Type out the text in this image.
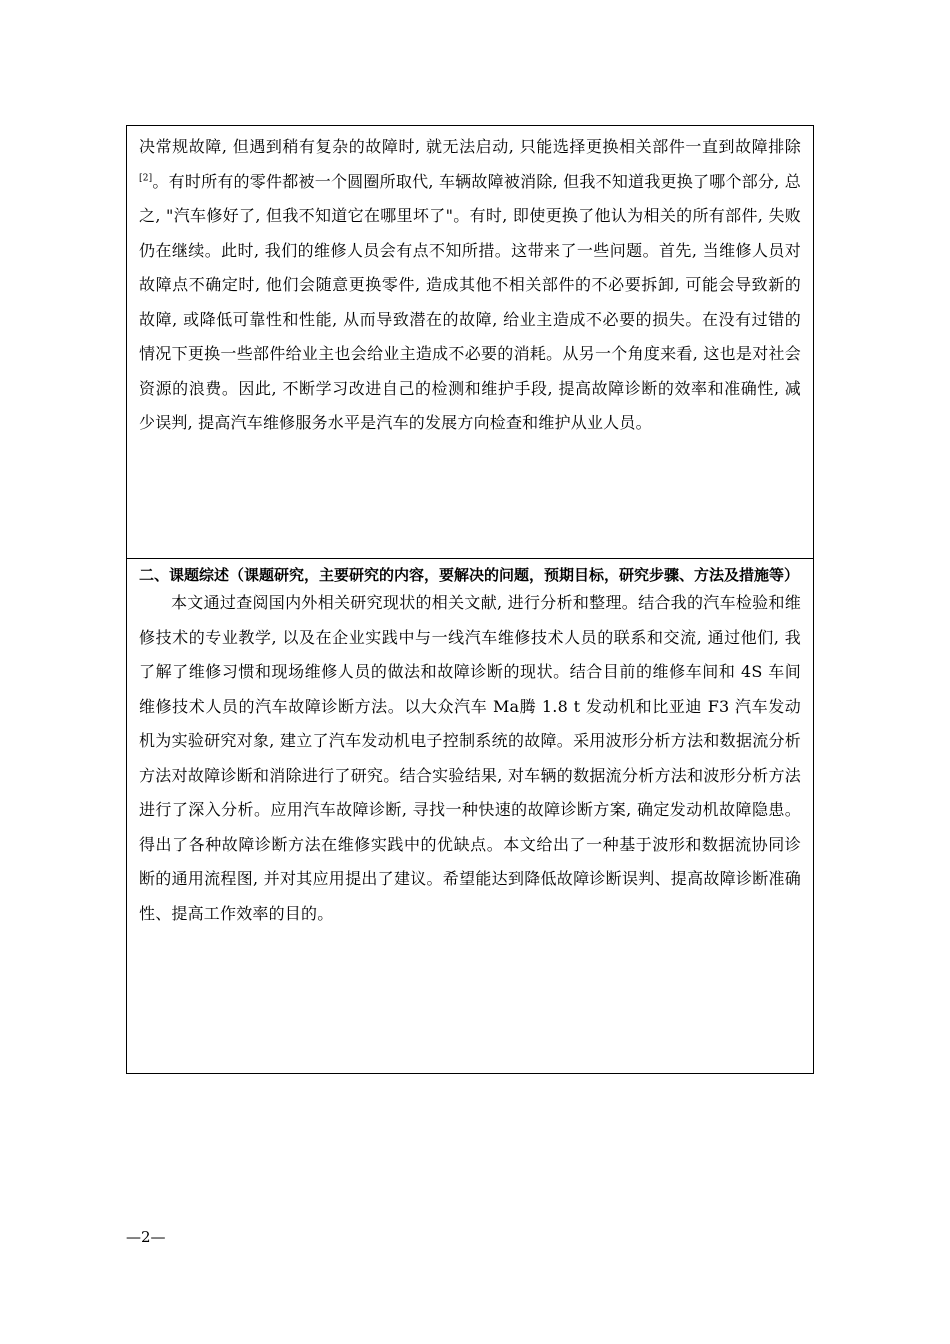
决常规故障, 但遇到稍有复杂的故障时, 就无法启动, 只能选择更换相关部件一直到故障排除[2]。有时所有的零件都被一个圆圈所取代, 车辆故障被消除, 但我不知道我更换了哪个部分, 总之, "汽车修好了, 但我不知道它在哪里坏了"。有时, 即使更换了他认为相关的所有部件, 失败仍在继续。此时, 我们的维修人员会有点不知所措。这带来了一些问题。首先, 当维修人员对故障点不确定时, 他们会随意更换零件, 造成其他不相关部件的不必要拆卸, 可能会导致新的故障, 或降低可靠性和性能, 从而导致潜在的故障, 给业主造成不必要的损失。在没有过错的情况下更换一些部件给业主也会给业主造成不必要的消耗。从另一个角度来看, 这也是对社会资源的浪费。因此, 不断学习改进自己的检测和维护手段, 提高故障诊断的效率和准确性, 减少误判, 提高汽车维修服务水平是汽车的发展方向检查和维护从业人员。

二、课题综述（课题研究，主要研究的内容，要解决的问题，预期目标，研究步骤、方法及措施等）

本文通过查阅国内外相关研究现状的相关文献, 进行分析和整理。结合我的汽车检验和维修技术的专业教学, 以及在企业实践中与一线汽车维修技术人员的联系和交流, 通过他们, 我了解了维修习惯和现场维修人员的做法和故障诊断的现状。结合目前的维修车间和 4S 车间维修技术人员的汽车故障诊断方法。以大众汽车 Ma腾 1.8 t 发动机和比亚迪 F3 汽车发动机为实验研究对象, 建立了汽车发动机电子控制系统的故障。采用波形分析方法和数据流分析方法对故障诊断和消除进行了研究。结合实验结果, 对车辆的数据流分析方法和波形分析方法进行了深入分析。应用汽车故障诊断, 寻找一种快速的故障诊断方案, 确定发动机故障隐患。得出了各种故障诊断方法在维修实践中的优缺点。本文给出了一种基于波形和数据流协同诊断的通用流程图, 并对其应用提出了建议。希望能达到降低故障诊断误判、提高故障诊断准确性、提高工作效率的目的。

—2—
